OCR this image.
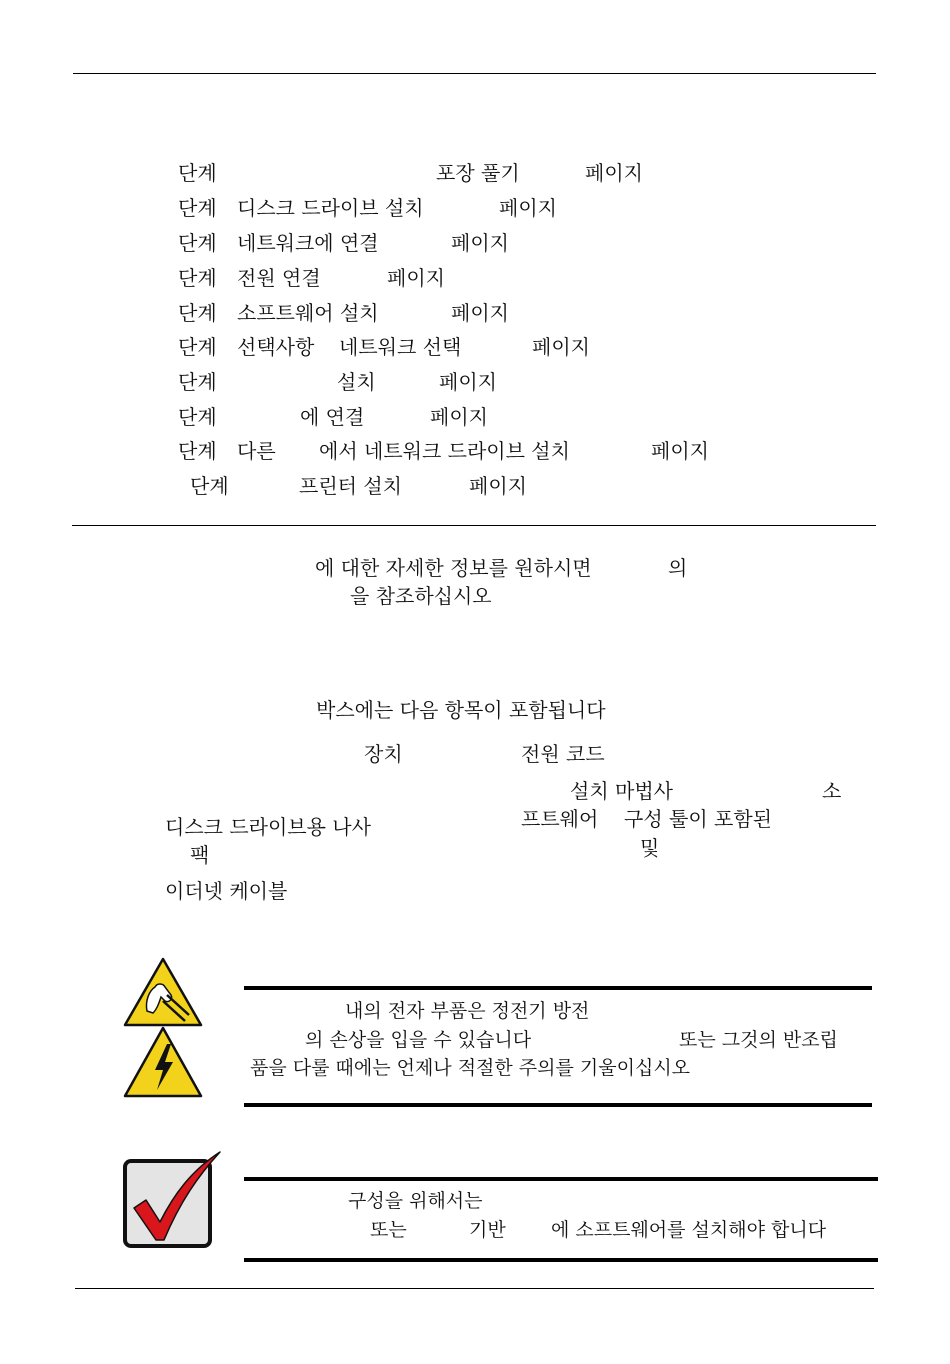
단계	포장 풀기	페이지
단계 디스크 드라이브 설치	페이지
단계 네트워크에 연결	페이지
단계 전원 연결	페이지
단계 소프트웨어 설치	페이지
단계 선택사항 네트워크 선택	페이지
단계	설치	페이지
단계	에 연결	페이지
단계 다른 에서 네트워크 드라이브 설치	페이지
단계	프린터 설치	페이지
에 대한 자세한 정보를 원하시면	의
을 참조하십시오
박스에는 다음 항목이 포함됩니다
장치	전원 코드
설치 마법사	소
프트웨어 구성 툴이 포함된
및
디스크 드라이브용 나사
팩
이더넷 케이블
내의 전자 부품은 정전기 방전
의 손상을 입을 수 있습니다	또는 그것의 반조립
품을 다룰 때에는 언제나 적절한 주의를 기울이십시오
구성을 위해서는
또는	기반 에 소프트웨어를 설치해야 합니다
